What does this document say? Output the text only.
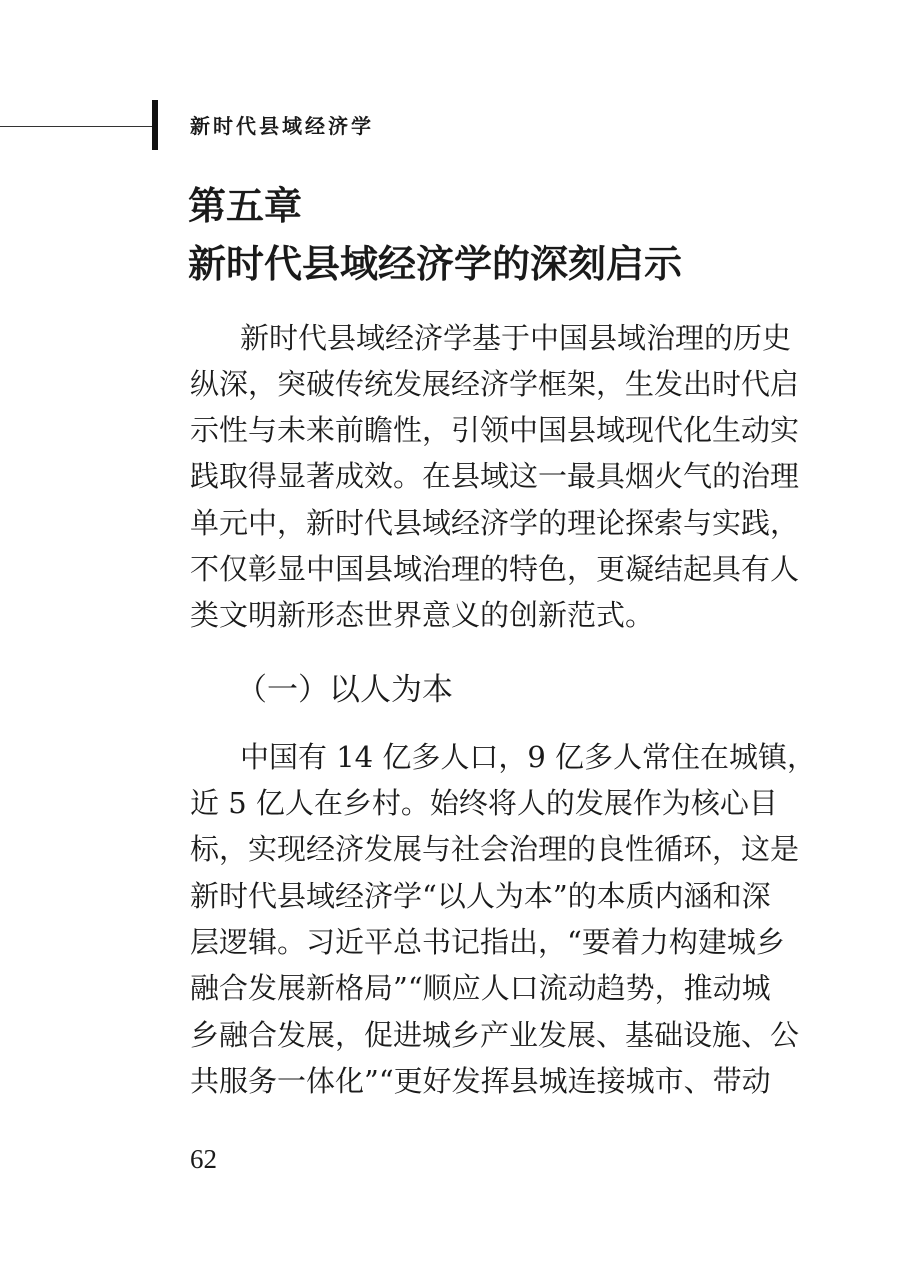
新时代县域经济学
第五章
新时代县域经济学的深刻启示
新时代县域经济学基于中国县域治理的历史
纵深，突破传统发展经济学框架，生发出时代启
示性与未来前瞻性，引领中国县域现代化生动实
践取得显著成效。在县域这一最具烟火气的治理
单元中，新时代县域经济学的理论探索与实践，
不仅彰显中国县域治理的特色，更凝结起具有人
类文明新形态世界意义的创新范式。
（一）以人为本
中国有 14 亿多人口，9 亿多人常住在城镇，
近 5 亿人在乡村。始终将人的发展作为核心目
标，实现经济发展与社会治理的良性循环，这是
新时代县域经济学“以人为本”的本质内涵和深
层逻辑。习近平总书记指出，“要着力构建城乡
融合发展新格局”“顺应人口流动趋势，推动城
乡融合发展，促进城乡产业发展、基础设施、公
共服务一体化”“更好发挥县城连接城市、带动
62
